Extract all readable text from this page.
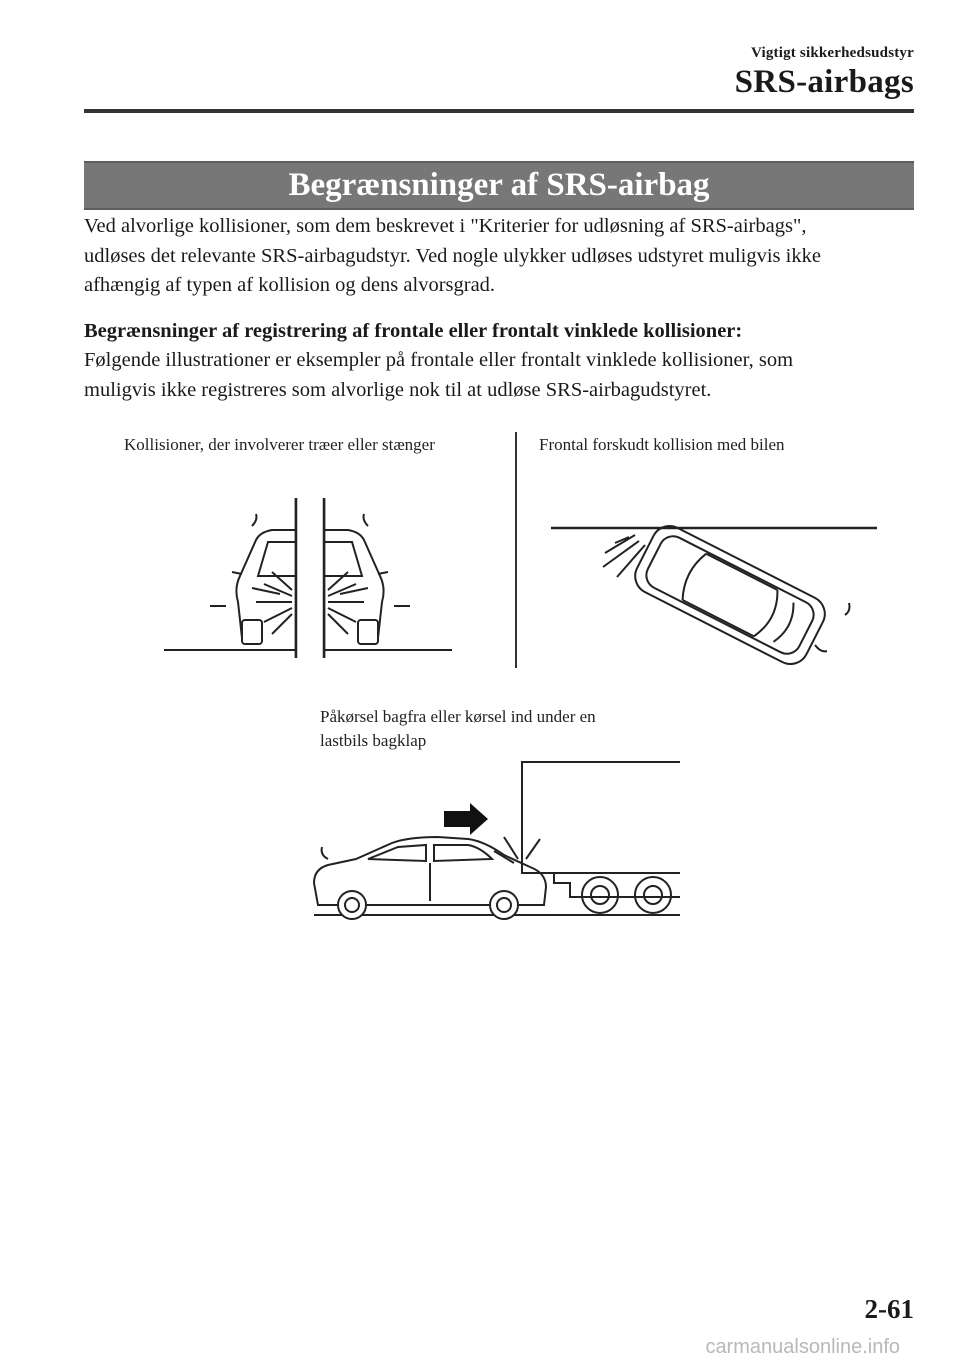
Vigtigt sikkerhedsudstyr
SRS-airbags
Begrænsninger af SRS-airbag
Ved alvorlige kollisioner, som dem beskrevet i "Kriterier for udløsning af SRS-airbags",
udløses det relevante SRS-airbagudstyr. Ved nogle ulykker udløses udstyret muligvis ikke
afhængig af typen af kollision og dens alvorsgrad.
Begrænsninger af registrering af frontale eller frontalt vinklede kollisioner:
Følgende illustrationer er eksempler på frontale eller frontalt vinklede kollisioner, som
muligvis ikke registreres som alvorlige nok til at udløse SRS-airbagudstyret.
Kollisioner, der involverer træer eller stænger	Frontal forskudt kollision med bilen
Påkørsel bagfra eller kørsel ind under en
lastbils bagklap
2-61
carmanualsonline.info
